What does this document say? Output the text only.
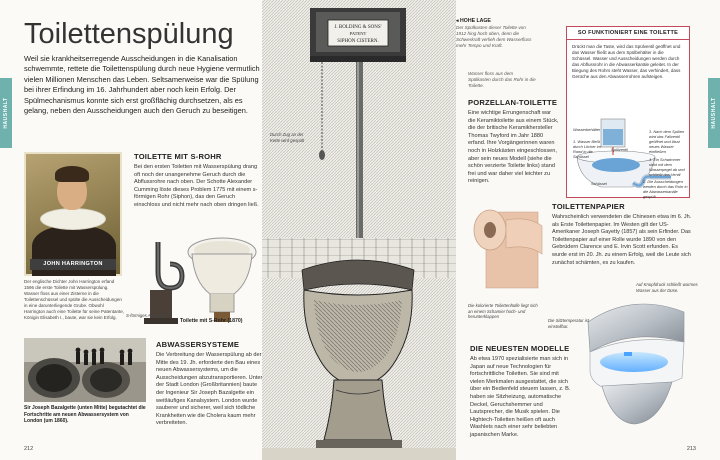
HAUSHALT
Toilettenspülung
Weil sie krankheitserregende Ausscheidungen in die Kanalisation schwemmte, rettete die Toilettenspülung durch neue Hygiene vermutlich vielen Millionen Menschen das Leben. Seltsamerweise war die Spülung bei ihrer Erfindung im 16. Jahrhundert aber noch kein Erfolg. Der Spülmechanismus konnte sich erst großflächig durchsetzen, als es gelang, neben den Ausscheidungen auch den Geruch zu beseitigen.
JOHN HARRINGTON
Der englische Dichter John Harrington erfand 1596 die erste Toilette mit Wasserspülung. Wasser floss aus einer Zisterne in die Toilettenschüssel und spülte die Ausscheidungen in eine darunterliegende Grube. Obwohl Harrington auch eine Toilette für seine Patentante, Königin Elisabeth I., baute, war sie kein Erfolg.
TOILETTE MIT S-ROHR
Bei den ersten Toiletten mit Wasserspülung drang oft noch der unangenehme Geruch durch die Abflussrohre nach oben. Der Schotte Alexander Cumming löste dieses Problem 1775 mit einem s-förmigen Rohr (Siphon), das den Geruch einschloss und nicht mehr nach oben dringen ließ.
S-förmiges Abflussrohr
Toilette mit S-Rohr (1870)
Sir Joseph Bazalgette (unten Mitte) begutachtet die Fortschritte am neuen Abwassersystem von London (um 1860).
ABWASSERSYSTEME
Die Verbreitung der Wasserspülung ab der Mitte des 19. Jh. erforderte den Bau eines neuen Abwassersystems, um die Ausscheidungen abzutransportieren. Unter der Stadt London (Großbritannien) baute der Ingenieur Sir Joseph Bazalgette ein weitläufiges Kanalsystem. London wurde sauberer und sicherer, weil sich tödliche Krankheiten wie die Cholera kaum mehr verbreiteten.
212
HAUSHALT
213
J. BOLDING & SONS'
PATENT
SIPHON CISTERN.
Durch Zug an der Kette wird gespült
◂ HOHE LAGE
Der Spülkasten dieser Toilette von 1912 hing hoch oben, denn die Schwerkraft verlieh dem Wasserfluss mehr Tempo und Kraft.
Wasser floss aus dem Spülkasten durch das Rohr in die Toilette.
PORZELLAN-TOILETTE
Eine wichtige Errungenschaft war die Keramiktoilette aus einem Stück, die der britische Keramikhersteller Thomas Twyford im Jahr 1880 erfand. Ihre Vorgängerinnen waren noch in Holzkästen eingeschlossen, aber sein neues Modell (siehe die schön verzierte Toilette links) stand frei und war daher viel leichter zu reinigen.
SO FUNKTIONIERT EINE TOILETTE
Drückt man die Taste, wird das Spülventil geöffnet und das Wasser fließt aus dem Spülbehälter in die Schüssel. Wasser und Ausscheidungen werden durch das Abflussrohr in die Abwasserkanäle geleitet. In der Biegung des Rohrs steht Wasser, das verhindert, dass Gerüche aus den Abwasserrohren aufsteigen.
Wasserbehälter
1. Wasser fließt durch Löcher im Rand in die Schüssel
Spülventil
Schüssel
3. Nach dem Spülen wird das Fallventil geöffnet und lässt neues Wasser einfließen
4. Ein Schwimmer sinkt mit dem Wasserpegel ab und schließt das Ventil
2. Die Ausscheidungen werden durch das Rohr in die Abwasserkanäle gespült
Die kolorierte Toilettenhülle liegt sich an einem Schamier hoch- und herunterklappen
TOILETTENPAPIER
Wahrscheinlich verwendeten die Chinesen etwa im 6. Jh. als Erste Toilettenpapier. Im Westen gilt der US-Amerikaner Joseph Gayetty (1857) als sein Erfinder. Das Toilettenpapier auf einer Rolle wurde 1890 von den Gebrüdern Clarence und E. Irvin Scott erfunden. Es wurde erst im 20. Jh. zu einem Erfolg, weil die Leute sich zunächst schämten, es zu kaufen.
DIE NEUESTEN MODELLE
Ab etwa 1970 spezialisierte man sich in Japan auf neue Technologien für fortschrittliche Toiletten. Sie sind mit vielen Merkmalen ausgestattet, die sich über ein Bedienfeld steuern lassen, z. B. haben sie Sitzheizung, automatische Deckel, Geruchshemmer und Lautsprecher, die Musik spielen. Die Hightech-Toiletten heißen oft auch Washlets nach einer sehr beliebten japanischen Marke.
Auf Knopfdruck schließt warmes Wasser aus der Düse.
Die Sitztemperatur ist einstellbar.
